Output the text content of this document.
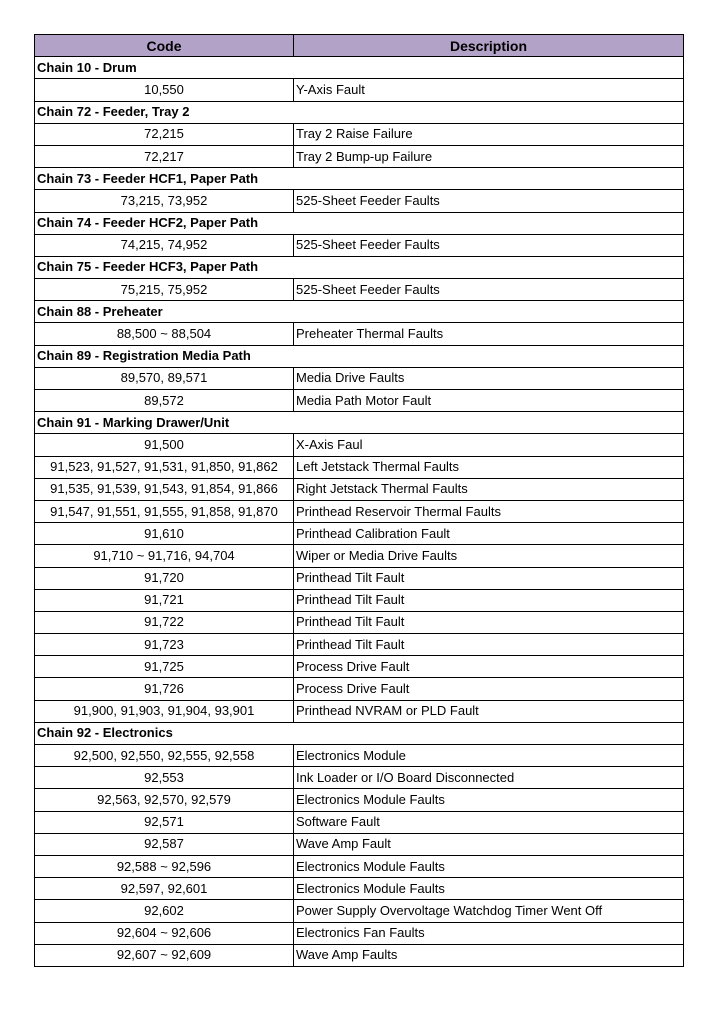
Code	Description
Chain 10 - Drum	
10,550	Y-Axis Fault
Chain 72 - Feeder, Tray 2	
72,215	Tray 2 Raise Failure
72,217	Tray 2 Bump-up Failure
Chain 73 - Feeder HCF1, Paper Path	
73,215, 73,952	525-Sheet Feeder Faults
Chain 74 - Feeder HCF2, Paper Path	
74,215, 74,952	525-Sheet Feeder Faults
Chain 75 - Feeder HCF3, Paper Path	
75,215, 75,952	525-Sheet Feeder Faults
Chain 88 - Preheater	
88,500 ~ 88,504	Preheater Thermal Faults
Chain 89 - Registration Media Path	
89,570, 89,571	Media Drive Faults
89,572	Media Path Motor Fault
Chain 91 - Marking Drawer/Unit	
91,500	X-Axis Faul
91,523, 91,527, 91,531, 91,850, 91,862	Left Jetstack Thermal Faults
91,535, 91,539, 91,543, 91,854, 91,866	Right Jetstack Thermal Faults
91,547, 91,551, 91,555, 91,858, 91,870	Printhead Reservoir Thermal Faults
91,610	Printhead Calibration Fault
91,710 ~ 91,716, 94,704	Wiper or Media Drive Faults
91,720	Printhead Tilt Fault
91,721	Printhead Tilt Fault
91,722	Printhead Tilt Fault
91,723	Printhead Tilt Fault
91,725	Process Drive Fault
91,726	Process Drive Fault
91,900, 91,903, 91,904, 93,901	Printhead NVRAM or PLD Fault
Chain 92 - Electronics	
92,500, 92,550, 92,555, 92,558	Electronics Module
92,553	Ink Loader or I/O Board Disconnected
92,563, 92,570, 92,579	Electronics Module Faults
92,571	Software Fault
92,587	Wave Amp Fault
92,588 ~ 92,596	Electronics Module Faults
92,597, 92,601	Electronics Module Faults
92,602	Power Supply Overvoltage Watchdog Timer Went Off
92,604 ~ 92,606	Electronics Fan Faults
92,607 ~ 92,609	Wave Amp Faults
